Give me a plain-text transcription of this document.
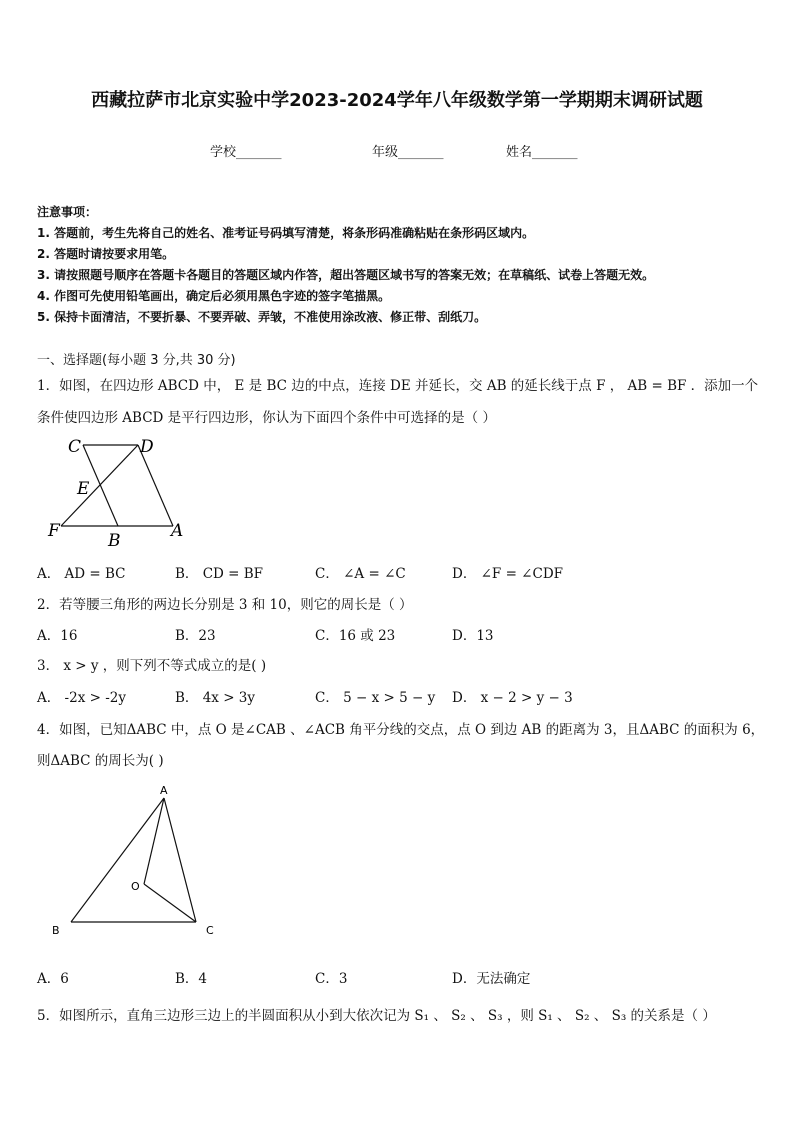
西藏拉萨市北京实验中学2023-2024学年八年级数学第一学期期末调研试题
学校_______	年级_______	姓名_______
注意事项：
1. 答题前，考生先将自己的姓名、准考证号码填写清楚，将条形码准确粘贴在条形码区域内。
2. 答题时请按要求用笔。
3. 请按照题号顺序在答题卡各题目的答题区域内作答，超出答题区域书写的答案无效；在草稿纸、试卷上答题无效。
4. 作图可先使用铅笔画出，确定后必须用黑色字迹的签字笔描黑。
5. 保持卡面清洁，不要折暴、不要弄破、弄皱，不准使用涂改液、修正带、刮纸刀。
一、选择题(每小题 3 分,共 30 分)
1．如图，在四边形 ABCD 中， E 是 BC 边的中点，连接 DE 并延长，交 AB 的延长线于点 F ， AB = BF ．添加一个
条件使四边形 ABCD 是平行四边形，你认为下面四个条件中可选择的是（ ）
C	D
E
F	B	A
A． AD = BC	B． CD = BF	C． ∠A = ∠C	D． ∠F = ∠CDF
2．若等腰三角形的两边长分别是 3 和 10，则它的周长是（ ）
A．16	B．23	C．16 或 23	D．13
3． x > y ，则下列不等式成立的是( )
A． -2x > -2y	B． 4x > 3y	C． 5 − x > 5 − y D． x − 2 > y − 3
4．如图，已知ΔABC 中，点 O 是∠CAB 、∠ACB 角平分线的交点，点 O 到边 AB 的距离为 3，且ΔABC 的面积为 6，
则ΔABC 的周长为( )
A
O
B	C
A．6	B．4	C．3	D．无法确定
5．如图所示，直角三边形三边上的半圆面积从小到大依次记为 S₁ 、 S₂ 、 S₃ ，则 S₁ 、 S₂ 、 S₃ 的关系是（ ）
